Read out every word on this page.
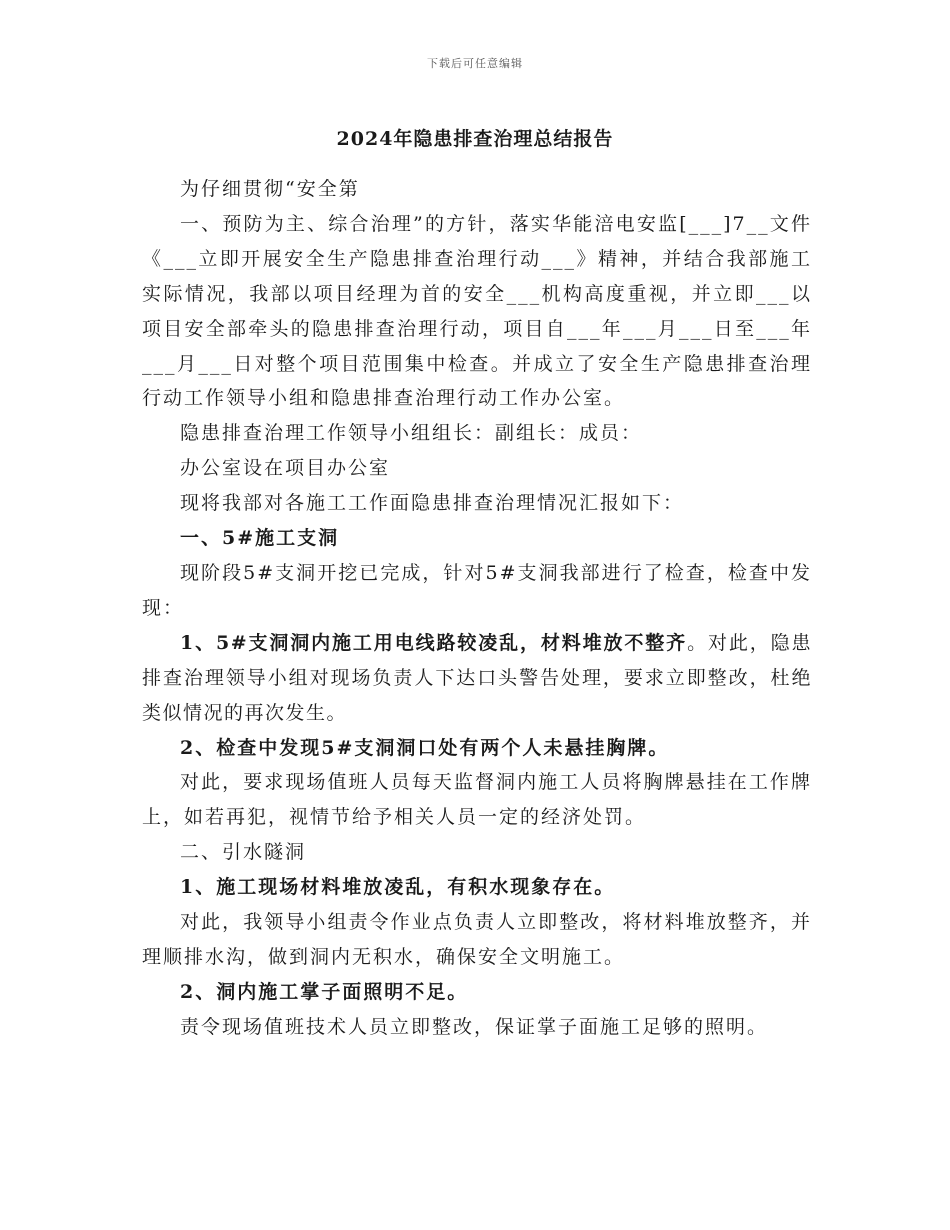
下载后可任意编辑
2024年隐患排查治理总结报告

为仔细贯彻“安全第

一、预防为主、综合治理”的方针，落实华能涪电安监[___]7__文件《___立即开展安全生产隐患排查治理行动___》精神，并结合我部施工实际情况，我部以项目经理为首的安全___机构高度重视，并立即___以项目安全部牵头的隐患排查治理行动，项目自___年___月___日至___年___月___日对整个项目范围集中检查。并成立了安全生产隐患排查治理行动工作领导小组和隐患排查治理行动工作办公室。

隐患排查治理工作领导小组组长：副组长：成员：

办公室设在项目办公室

现将我部对各施工工作面隐患排查治理情况汇报如下：

一、5#施工支洞

现阶段5#支洞开挖已完成，针对5#支洞我部进行了检查，检查中发现：

1、5#支洞洞内施工用电线路较凌乱，材料堆放不整齐。对此，隐患排查治理领导小组对现场负责人下达口头警告处理，要求立即整改，杜绝类似情况的再次发生。

2、检查中发现5#支洞洞口处有两个人未悬挂胸牌。

对此，要求现场值班人员每天监督洞内施工人员将胸牌悬挂在工作牌上，如若再犯，视情节给予相关人员一定的经济处罚。

二、引水隧洞

1、施工现场材料堆放凌乱，有积水现象存在。

对此，我领导小组责令作业点负责人立即整改，将材料堆放整齐，并理顺排水沟，做到洞内无积水，确保安全文明施工。

2、洞内施工掌子面照明不足。

责令现场值班技术人员立即整改，保证掌子面施工足够的照明。
